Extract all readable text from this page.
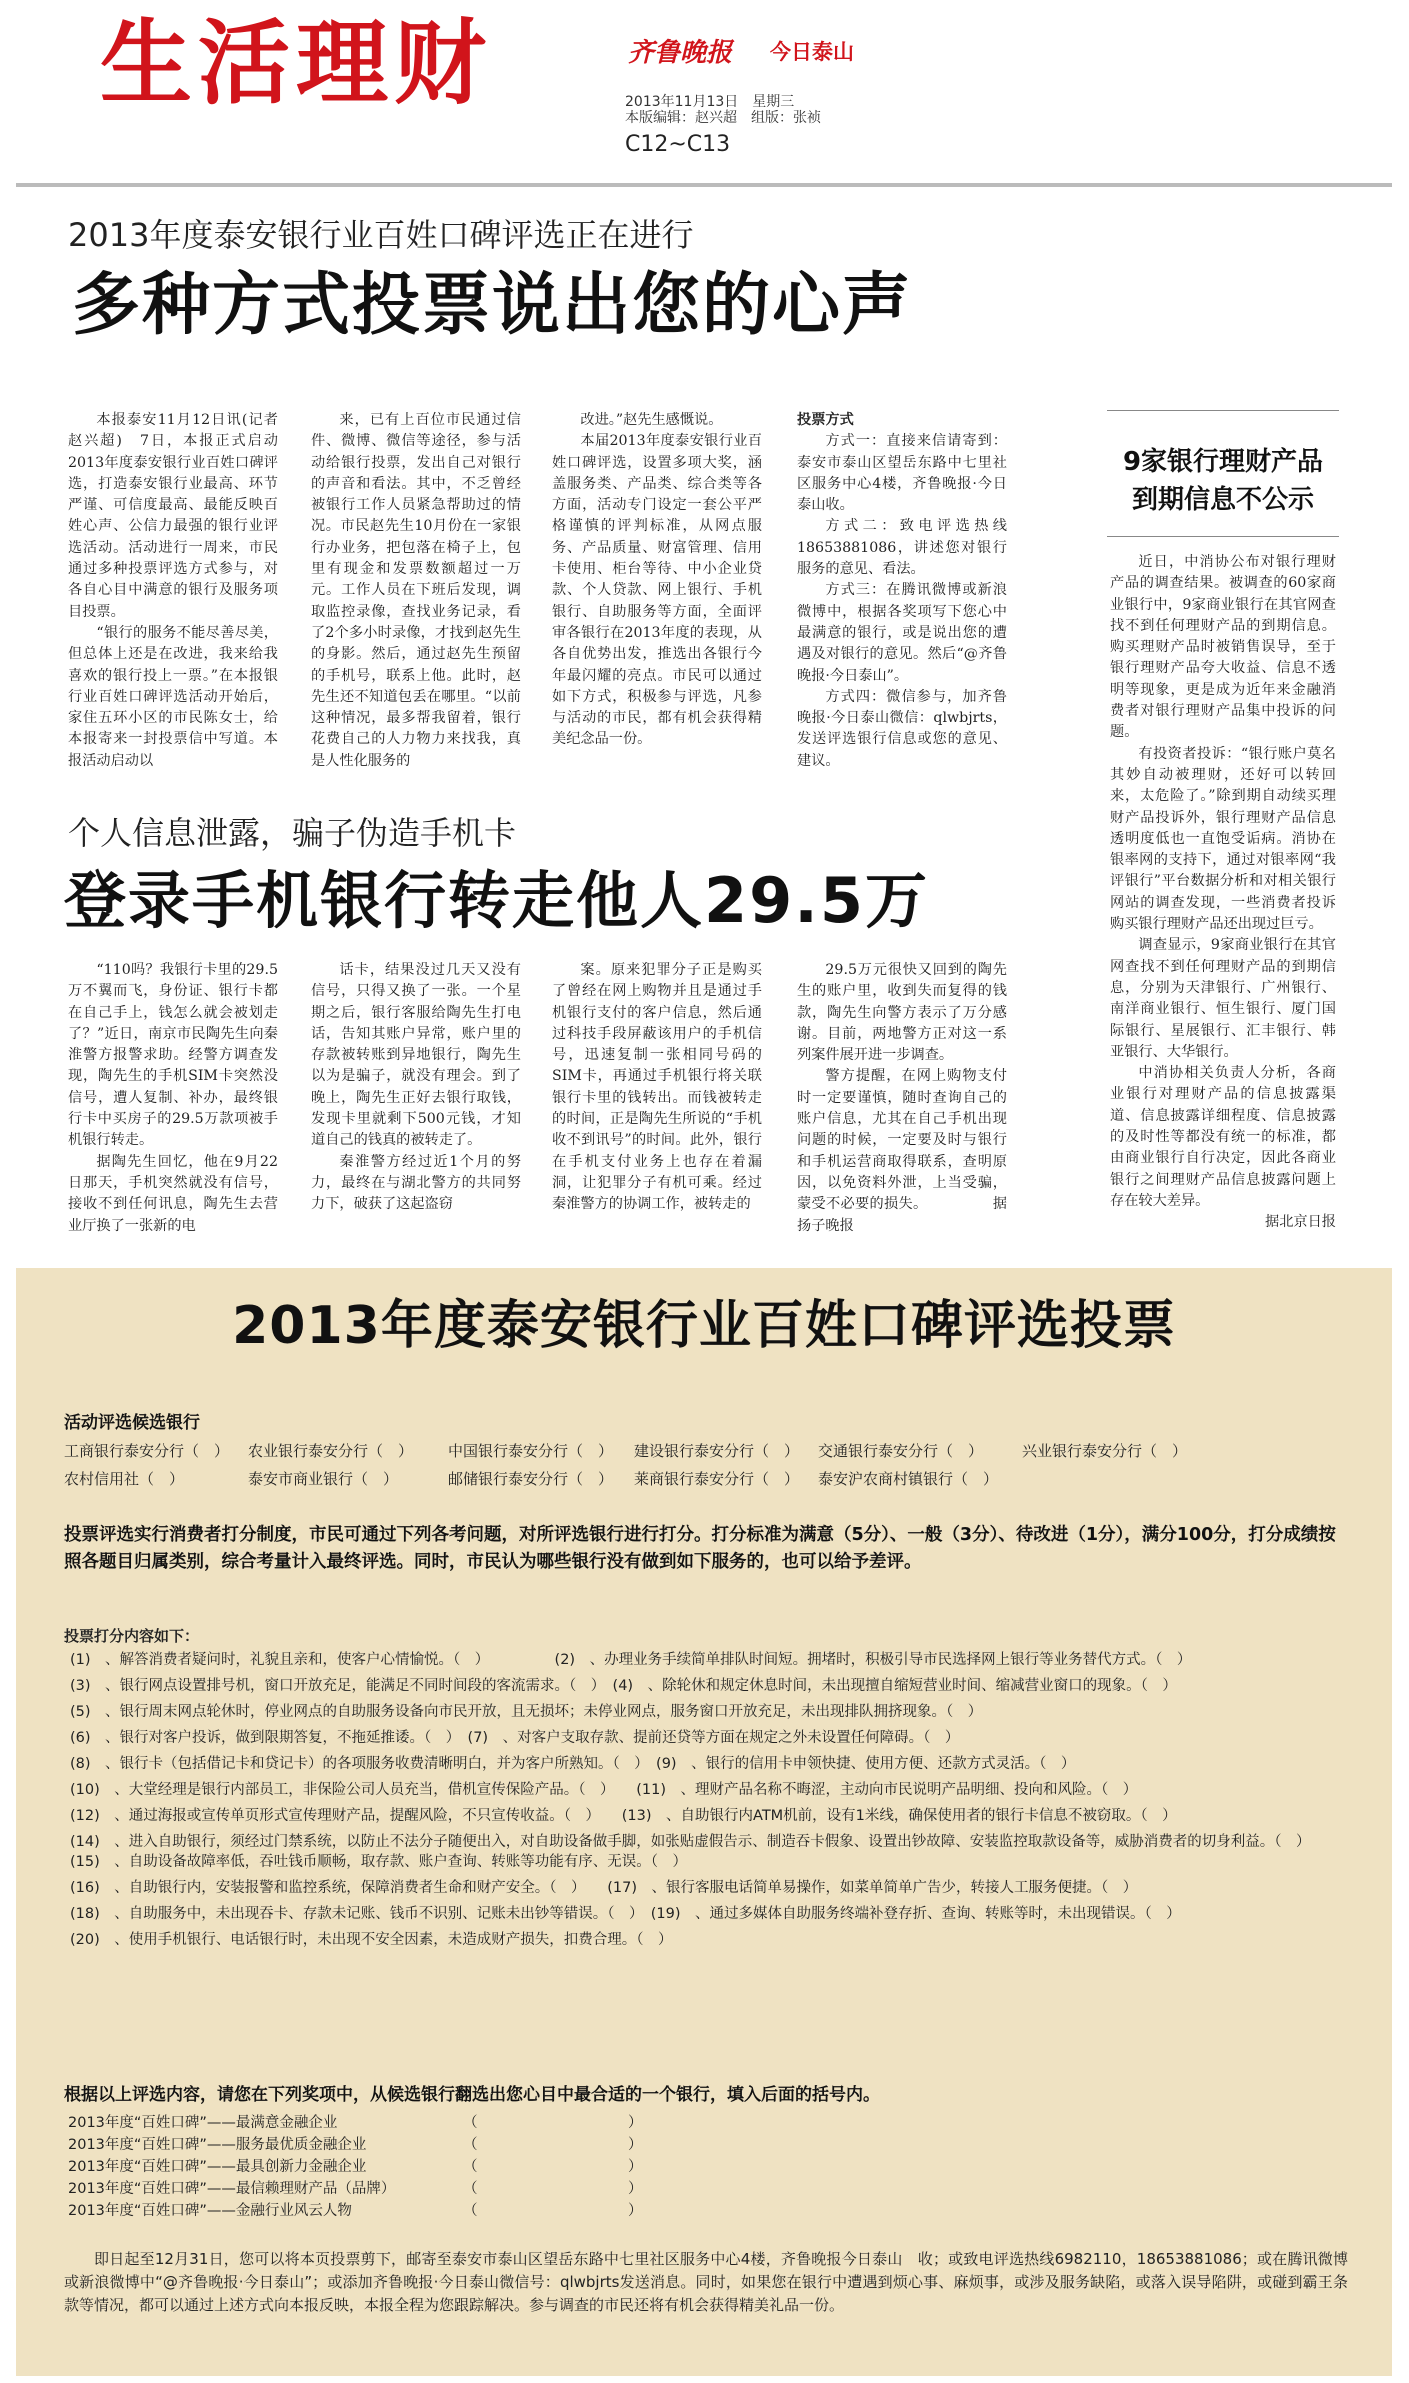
生活理财	齐鲁晚报 今日泰山
2013年11月13日　星期三
本版编辑：赵兴超　组版：张祯
C12~C13
2013年度泰安银行业百姓口碑评选正在进行
多种方式投票说出您的心声

本报泰安11月12日讯(记者　赵兴超)　7日，本报正式启动2013年度泰安银行业百姓口碑评选，打造泰安银行业最高、环节严谨、可信度最高、最能反映百姓心声、公信力最强的银行业评选活动。活动进行一周来，市民通过多种投票评选方式参与，对各自心目中满意的银行及服务项目投票。

“银行的服务不能尽善尽美，但总体上还是在改进，我来给我喜欢的银行投上一票。”在本报银行业百姓口碑评选活动开始后，家住五环小区的市民陈女士，给本报寄来一封投票信中写道。本报活动启动以

来，已有上百位市民通过信件、微博、微信等途径，参与活动给银行投票，发出自己对银行的声音和看法。其中，不乏曾经被银行工作人员紧急帮助过的情况。市民赵先生10月份在一家银行办业务，把包落在椅子上，包里有现金和发票数额超过一万元。工作人员在下班后发现，调取监控录像，查找业务记录，看了2个多小时录像，才找到赵先生的身影。然后，通过赵先生预留的手机号，联系上他。此时，赵先生还不知道包丢在哪里。“以前这种情况，最多帮我留着，银行花费自己的人力物力来找我，真是人性化服务的

改进。”赵先生感慨说。

本届2013年度泰安银行业百姓口碑评选，设置多项大奖，涵盖服务类、产品类、综合类等各方面，活动专门设定一套公平严格谨慎的评判标准，从网点服务、产品质量、财富管理、信用卡使用、柜台等待、中小企业贷款、个人贷款、网上银行、手机银行、自助服务等方面，全面评审各银行在2013年度的表现，从各自优势出发，推选出各银行今年最闪耀的亮点。市民可以通过如下方式，积极参与评选，凡参与活动的市民，都有机会获得精美纪念品一份。

投票方式

方式一：直接来信请寄到：泰安市泰山区望岳东路中七里社区服务中心4楼，齐鲁晚报·今日泰山收。

方式二：致电评选热线18653881086，讲述您对银行服务的意见、看法。

方式三：在腾讯微博或新浪微博中，根据各奖项写下您心中最满意的银行，或是说出您的遭遇及对银行的意见。然后“@齐鲁晚报·今日泰山”。

方式四：微信参与，加齐鲁晚报·今日泰山微信：qlwbjrts，发送评选银行信息或您的意见、建议。

9家银行理财产品
到期信息不公示

近日，中消协公布对银行理财产品的调查结果。被调查的60家商业银行中，9家商业银行在其官网查找不到任何理财产品的到期信息。购买理财产品时被销售误导，至于银行理财产品夸大收益、信息不透明等现象，更是成为近年来金融消费者对银行理财产品集中投诉的问题。

有投资者投诉：“银行账户莫名其妙自动被理财，还好可以转回来，太危险了。”除到期自动续买理财产品投诉外，银行理财产品信息透明度低也一直饱受诟病。消协在银率网的支持下，通过对银率网“我评银行”平台数据分析和对相关银行网站的调查发现，一些消费者投诉购买银行理财产品还出现过巨亏。

调查显示，9家商业银行在其官网查找不到任何理财产品的到期信息，分别为天津银行、广州银行、南洋商业银行、恒生银行、厦门国际银行、星展银行、汇丰银行、韩亚银行、大华银行。

中消协相关负责人分析，各商业银行对理财产品的信息披露渠道、信息披露详细程度、信息披露的及时性等都没有统一的标准，都由商业银行自行决定，因此各商业银行之间理财产品信息披露问题上存在较大差异。

据北京日报

个人信息泄露，骗子伪造手机卡
登录手机银行转走他人29.5万

“110吗？我银行卡里的29.5万不翼而飞，身份证、银行卡都在自己手上，钱怎么就会被划走了？”近日，南京市民陶先生向秦淮警方报警求助。经警方调查发现，陶先生的手机SIM卡突然没信号，遭人复制、补办，最终银行卡中买房子的29.5万款项被手机银行转走。

据陶先生回忆，他在9月22日那天，手机突然就没有信号，接收不到任何讯息，陶先生去营业厅换了一张新的电

话卡，结果没过几天又没有信号，只得又换了一张。一个星期之后，银行客服给陶先生打电话，告知其账户异常，账户里的存款被转账到异地银行，陶先生以为是骗子，就没有理会。到了晚上，陶先生正好去银行取钱，发现卡里就剩下500元钱，才知道自己的钱真的被转走了。

秦淮警方经过近1个月的努力，最终在与湖北警方的共同努力下，破获了这起盗窃

案。原来犯罪分子正是购买了曾经在网上购物并且是通过手机银行支付的客户信息，然后通过科技手段屏蔽该用户的手机信号，迅速复制一张相同号码的SIM卡，再通过手机银行将关联银行卡里的钱转出。而钱被转走的时间，正是陶先生所说的“手机收不到讯号”的时间。此外，银行在手机支付业务上也存在着漏洞，让犯罪分子有机可乘。经过秦淮警方的协调工作，被转走的

29.5万元很快又回到的陶先生的账户里，收到失而复得的钱款，陶先生向警方表示了万分感谢。目前，两地警方正对这一系列案件展开进一步调查。

警方提醒，在网上购物支付时一定要谨慎，随时查询自己的账户信息，尤其在自己手机出现问题的时候，一定要及时与银行和手机运营商取得联系，查明原因，以免资料外泄，上当受骗，蒙受不必要的损失。　　　　　据扬子晚报

2013年度泰安银行业百姓口碑评选投票
活动评选候选银行
工商银行泰安分行（　） 农业银行泰安分行（　） 中国银行泰安分行（　） 建设银行泰安分行（　） 交通银行泰安分行（　）	兴业银行泰安分行（　）
农村信用社（　）	泰安市商业银行（　）	邮储银行泰安分行（　） 莱商银行泰安分行（　） 泰安沪农商村镇银行（　）
投票评选实行消费者打分制度，市民可通过下列各考问题，对所评选银行进行打分。打分标准为满意（5分）、一般（3分）、待改进（1分），满分100分，打分成绩按照各题目归属类别，综合考量计入最终评选。同时，市民认为哪些银行没有做到如下服务的，也可以给予差评。
投票打分内容如下：
(1)　、解答消费者疑问时，礼貌且亲和，使客户心情愉悦。（　）　　　　　(2)　、办理业务手续简单排队时间短。拥堵时，积极引导市民选择网上银行等业务替代方式。（　）
(3)　、银行网点设置排号机，窗口开放充足，能满足不同时间段的客流需求。（　）　(4)　、除轮休和规定休息时间，未出现擅自缩短营业时间、缩减营业窗口的现象。（　）
(5)　、银行周末网点轮休时，停业网点的自助服务设备向市民开放，且无损坏；未停业网点，服务窗口开放充足，未出现排队拥挤现象。（　）
(6)　、银行对客户投诉，做到限期答复，不拖延推诿。（　）　(7)　、对客户支取存款、提前还贷等方面在规定之外未设置任何障碍。（　）
(8)　、银行卡（包括借记卡和贷记卡）的各项服务收费清晰明白，并为客户所熟知。（　）　(9)　、银行的信用卡申领快捷、使用方便、还款方式灵活。（　）
(10)　、大堂经理是银行内部员工，非保险公司人员充当，借机宣传保险产品。（　）　　(11)　、理财产品名称不晦涩，主动向市民说明产品明细、投向和风险。（　）
(12)　、通过海报或宣传单页形式宣传理财产品，提醒风险，不只宣传收益。（　）　　(13)　、自助银行内ATM机前，设有1米线，确保使用者的银行卡信息不被窃取。（　）
(14)　、进入自助银行，须经过门禁系统，以防止不法分子随便出入，对自助设备做手脚，如张贴虚假告示、制造吞卡假象、设置出钞故障、安装监控取款设备等，威胁消费者的切身利益。（　）　　　(15)　、自助设备故障率低，吞吐钱币顺畅，取存款、账户查询、转账等功能有序、无误。（　）
(16)　、自助银行内，安装报警和监控系统，保障消费者生命和财产安全。（　）　　(17)　、银行客服电话简单易操作，如菜单简单广告少，转接人工服务便捷。（　）
(18)　、自助服务中，未出现吞卡、存款未记账、钱币不识别、记账未出钞等错误。（　）　(19)　、通过多媒体自助服务终端补登存折、查询、转账等时，未出现错误。（　）
(20)　、使用手机银行、电话银行时，未出现不安全因素，未造成财产损失，扣费合理。（　）
根据以上评选内容，请您在下列奖项中，从候选银行翻选出您心目中最合适的一个银行，填入后面的括号内。
2013年度“百姓口碑”——最满意金融企业	（	）
2013年度“百姓口碑”——服务最优质金融企业	（	）
2013年度“百姓口碑”——最具创新力金融企业	（	）
2013年度“百姓口碑”——最信赖理财产品（品牌）	（	）
2013年度“百姓口碑”——金融行业风云人物	（	）
即日起至12月31日，您可以将本页投票剪下，邮寄至泰安市泰山区望岳东路中七里社区服务中心4楼，齐鲁晚报今日泰山　收；或致电评选热线6982110，18653881086；或在腾讯微博或新浪微博中“@齐鲁晚报·今日泰山”；或添加齐鲁晚报·今日泰山微信号：qlwbjrts发送消息。同时，如果您在银行中遭遇到烦心事、麻烦事，或涉及服务缺陷，或落入误导陷阱，或碰到霸王条款等情况，都可以通过上述方式向本报反映，本报全程为您跟踪解决。参与调查的市民还将有机会获得精美礼品一份。
